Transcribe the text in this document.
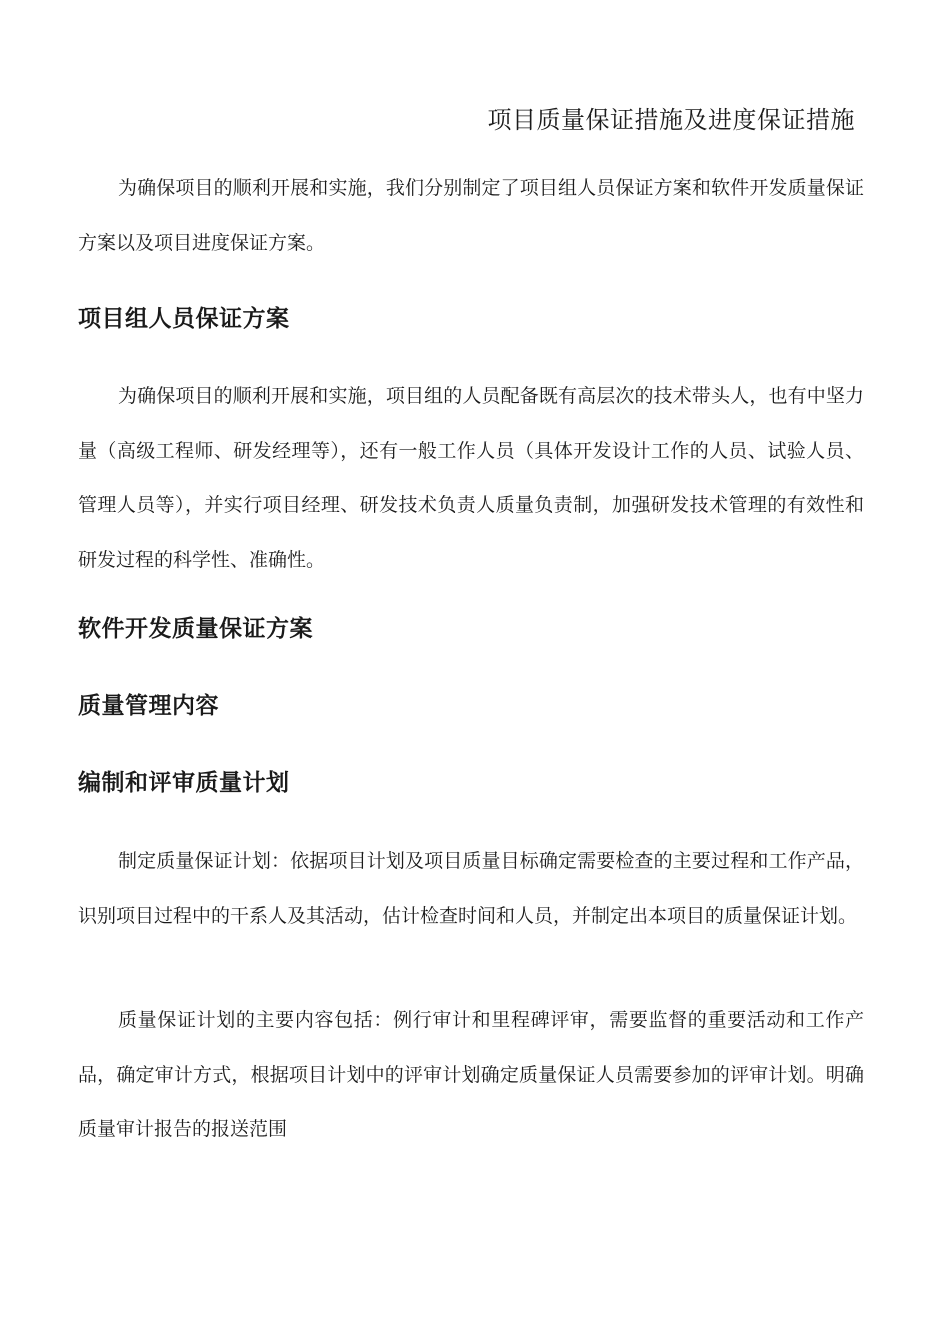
项目质量保证措施及进度保证措施

为确保项目的顺利开展和实施，我们分别制定了项目组人员保证方案和软件开发质量保证方案以及项目进度保证方案。

项目组人员保证方案

为确保项目的顺利开展和实施，项目组的人员配备既有高层次的技术带头人，也有中坚力量（高级工程师、研发经理等），还有一般工作人员（具体开发设计工作的人员、试验人员、管理人员等），并实行项目经理、研发技术负责人质量负责制，加强研发技术管理的有效性和研发过程的科学性、准确性。

软件开发质量保证方案
质量管理内容
编制和评审质量计划

制定质量保证计划：依据项目计划及项目质量目标确定需要检查的主要过程和工作产品，识别项目过程中的干系人及其活动，估计检查时间和人员，并制定出本项目的质量保证计划。

质量保证计划的主要内容包括：例行审计和里程碑评审，需要监督的重要活动和工作产品，确定审计方式，根据项目计划中的评审计划确定质量保证人员需要参加的评审计划。明确质量审计报告的报送范围
